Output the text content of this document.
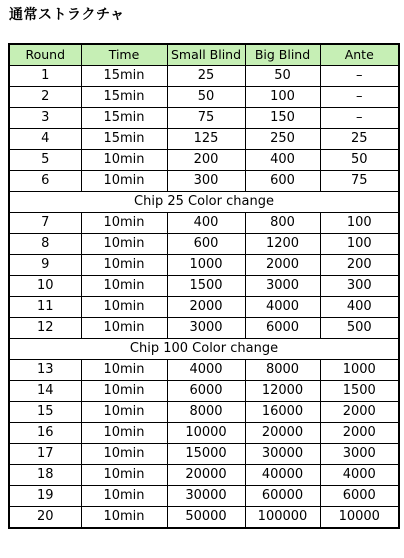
通常ストラクチャ
Round	Time	Small Blind	Big Blind	Ante
1	15min	25	50	–
2	15min	50	100	–
3	15min	75	150	–
4	15min	125	250	25
5	10min	200	400	50
6	10min	300	600	75
Chip 25 Color change				
7	10min	400	800	100
8	10min	600	1200	100
9	10min	1000	2000	200
10	10min	1500	3000	300
11	10min	2000	4000	400
12	10min	3000	6000	500
Chip 100 Color change				
13	10min	4000	8000	1000
14	10min	6000	12000	1500
15	10min	8000	16000	2000
16	10min	10000	20000	2000
17	10min	15000	30000	3000
18	10min	20000	40000	4000
19	10min	30000	60000	6000
20	10min	50000	100000	10000
